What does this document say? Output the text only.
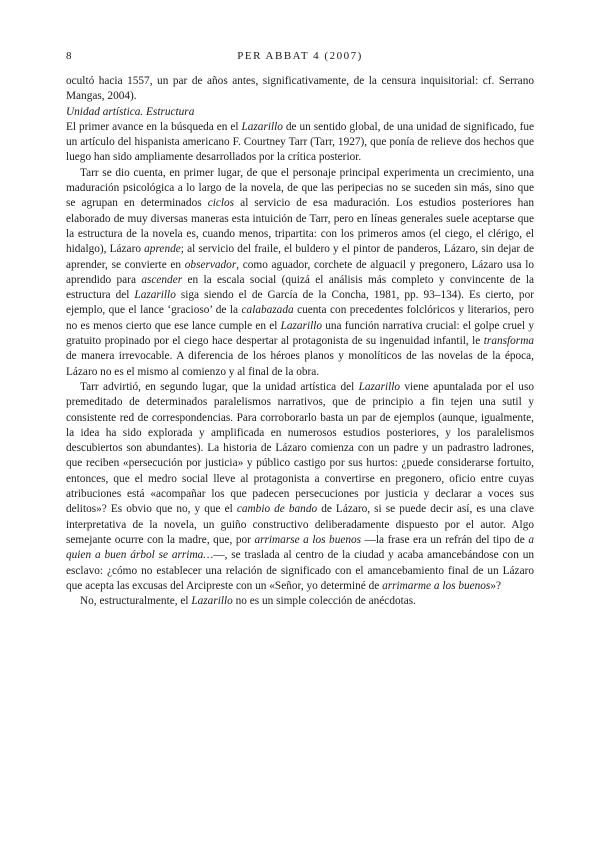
8	PER ABBAT 4 (2007)

ocultó hacia 1557, un par de años antes, significativamente, de la censura inquisitorial: cf. Serrano Mangas, 2004).

Unidad artística. Estructura

El primer avance en la búsqueda en el Lazarillo de un sentido global, de una unidad de significado, fue un artículo del hispanista americano F. Courtney Tarr (Tarr, 1927), que ponía de relieve dos hechos que luego han sido ampliamente desarrollados por la crítica posterior.

Tarr se dio cuenta, en primer lugar, de que el personaje principal experimenta un crecimiento, una maduración psicológica a lo largo de la novela, de que las peripecias no se suceden sin más, sino que se agrupan en determinados ciclos al servicio de esa maduración. Los estudios posteriores han elaborado de muy diversas maneras esta intuición de Tarr, pero en líneas generales suele aceptarse que la estructura de la novela es, cuando menos, tripartita: con los primeros amos (el ciego, el clérigo, el hidalgo), Lázaro aprende; al servicio del fraile, el buldero y el pintor de panderos, Lázaro, sin dejar de aprender, se convierte en observador, como aguador, corchete de alguacil y pregonero, Lázaro usa lo aprendido para ascender en la escala social (quizá el análisis más completo y convincente de la estructura del Lazarillo siga siendo el de García de la Concha, 1981, pp. 93–134). Es cierto, por ejemplo, que el lance ‘gracioso’ de la calabazada cuenta con precedentes folclóricos y literarios, pero no es menos cierto que ese lance cumple en el Lazarillo una función narrativa crucial: el golpe cruel y gratuito propinado por el ciego hace despertar al protagonista de su ingenuidad infantil, le transforma de manera irrevocable. A diferencia de los héroes planos y monolíticos de las novelas de la época, Lázaro no es el mismo al comienzo y al final de la obra.

Tarr advirtió, en segundo lugar, que la unidad artística del Lazarillo viene apuntalada por el uso premeditado de determinados paralelismos narrativos, que de principio a fin tejen una sutil y consistente red de correspondencias. Para corroborarlo basta un par de ejemplos (aunque, igualmente, la idea ha sido explorada y amplificada en numerosos estudios posteriores, y los paralelismos descubiertos son abundantes). La historia de Lázaro comienza con un padre y un padrastro ladrones, que reciben «persecución por justicia» y público castigo por sus hurtos: ¿puede considerarse fortuito, entonces, que el medro social lleve al protagonista a convertirse en pregonero, oficio entre cuyas atribuciones está «acompañar los que padecen persecuciones por justicia y declarar a voces sus delitos»? Es obvio que no, y que el cambio de bando de Lázaro, si se puede decir así, es una clave interpretativa de la novela, un guiño constructivo deliberadamente dispuesto por el autor. Algo semejante ocurre con la madre, que, por arrimarse a los buenos —la frase era un refrán del tipo de a quien a buen árbol se arrima…—, se traslada al centro de la ciudad y acaba amancebándose con un esclavo: ¿cómo no establecer una relación de significado con el amancebamiento final de un Lázaro que acepta las excusas del Arcipreste con un «Señor, yo determiné de arrimarme a los buenos»?

No, estructuralmente, el Lazarillo no es un simple colección de anécdotas.
